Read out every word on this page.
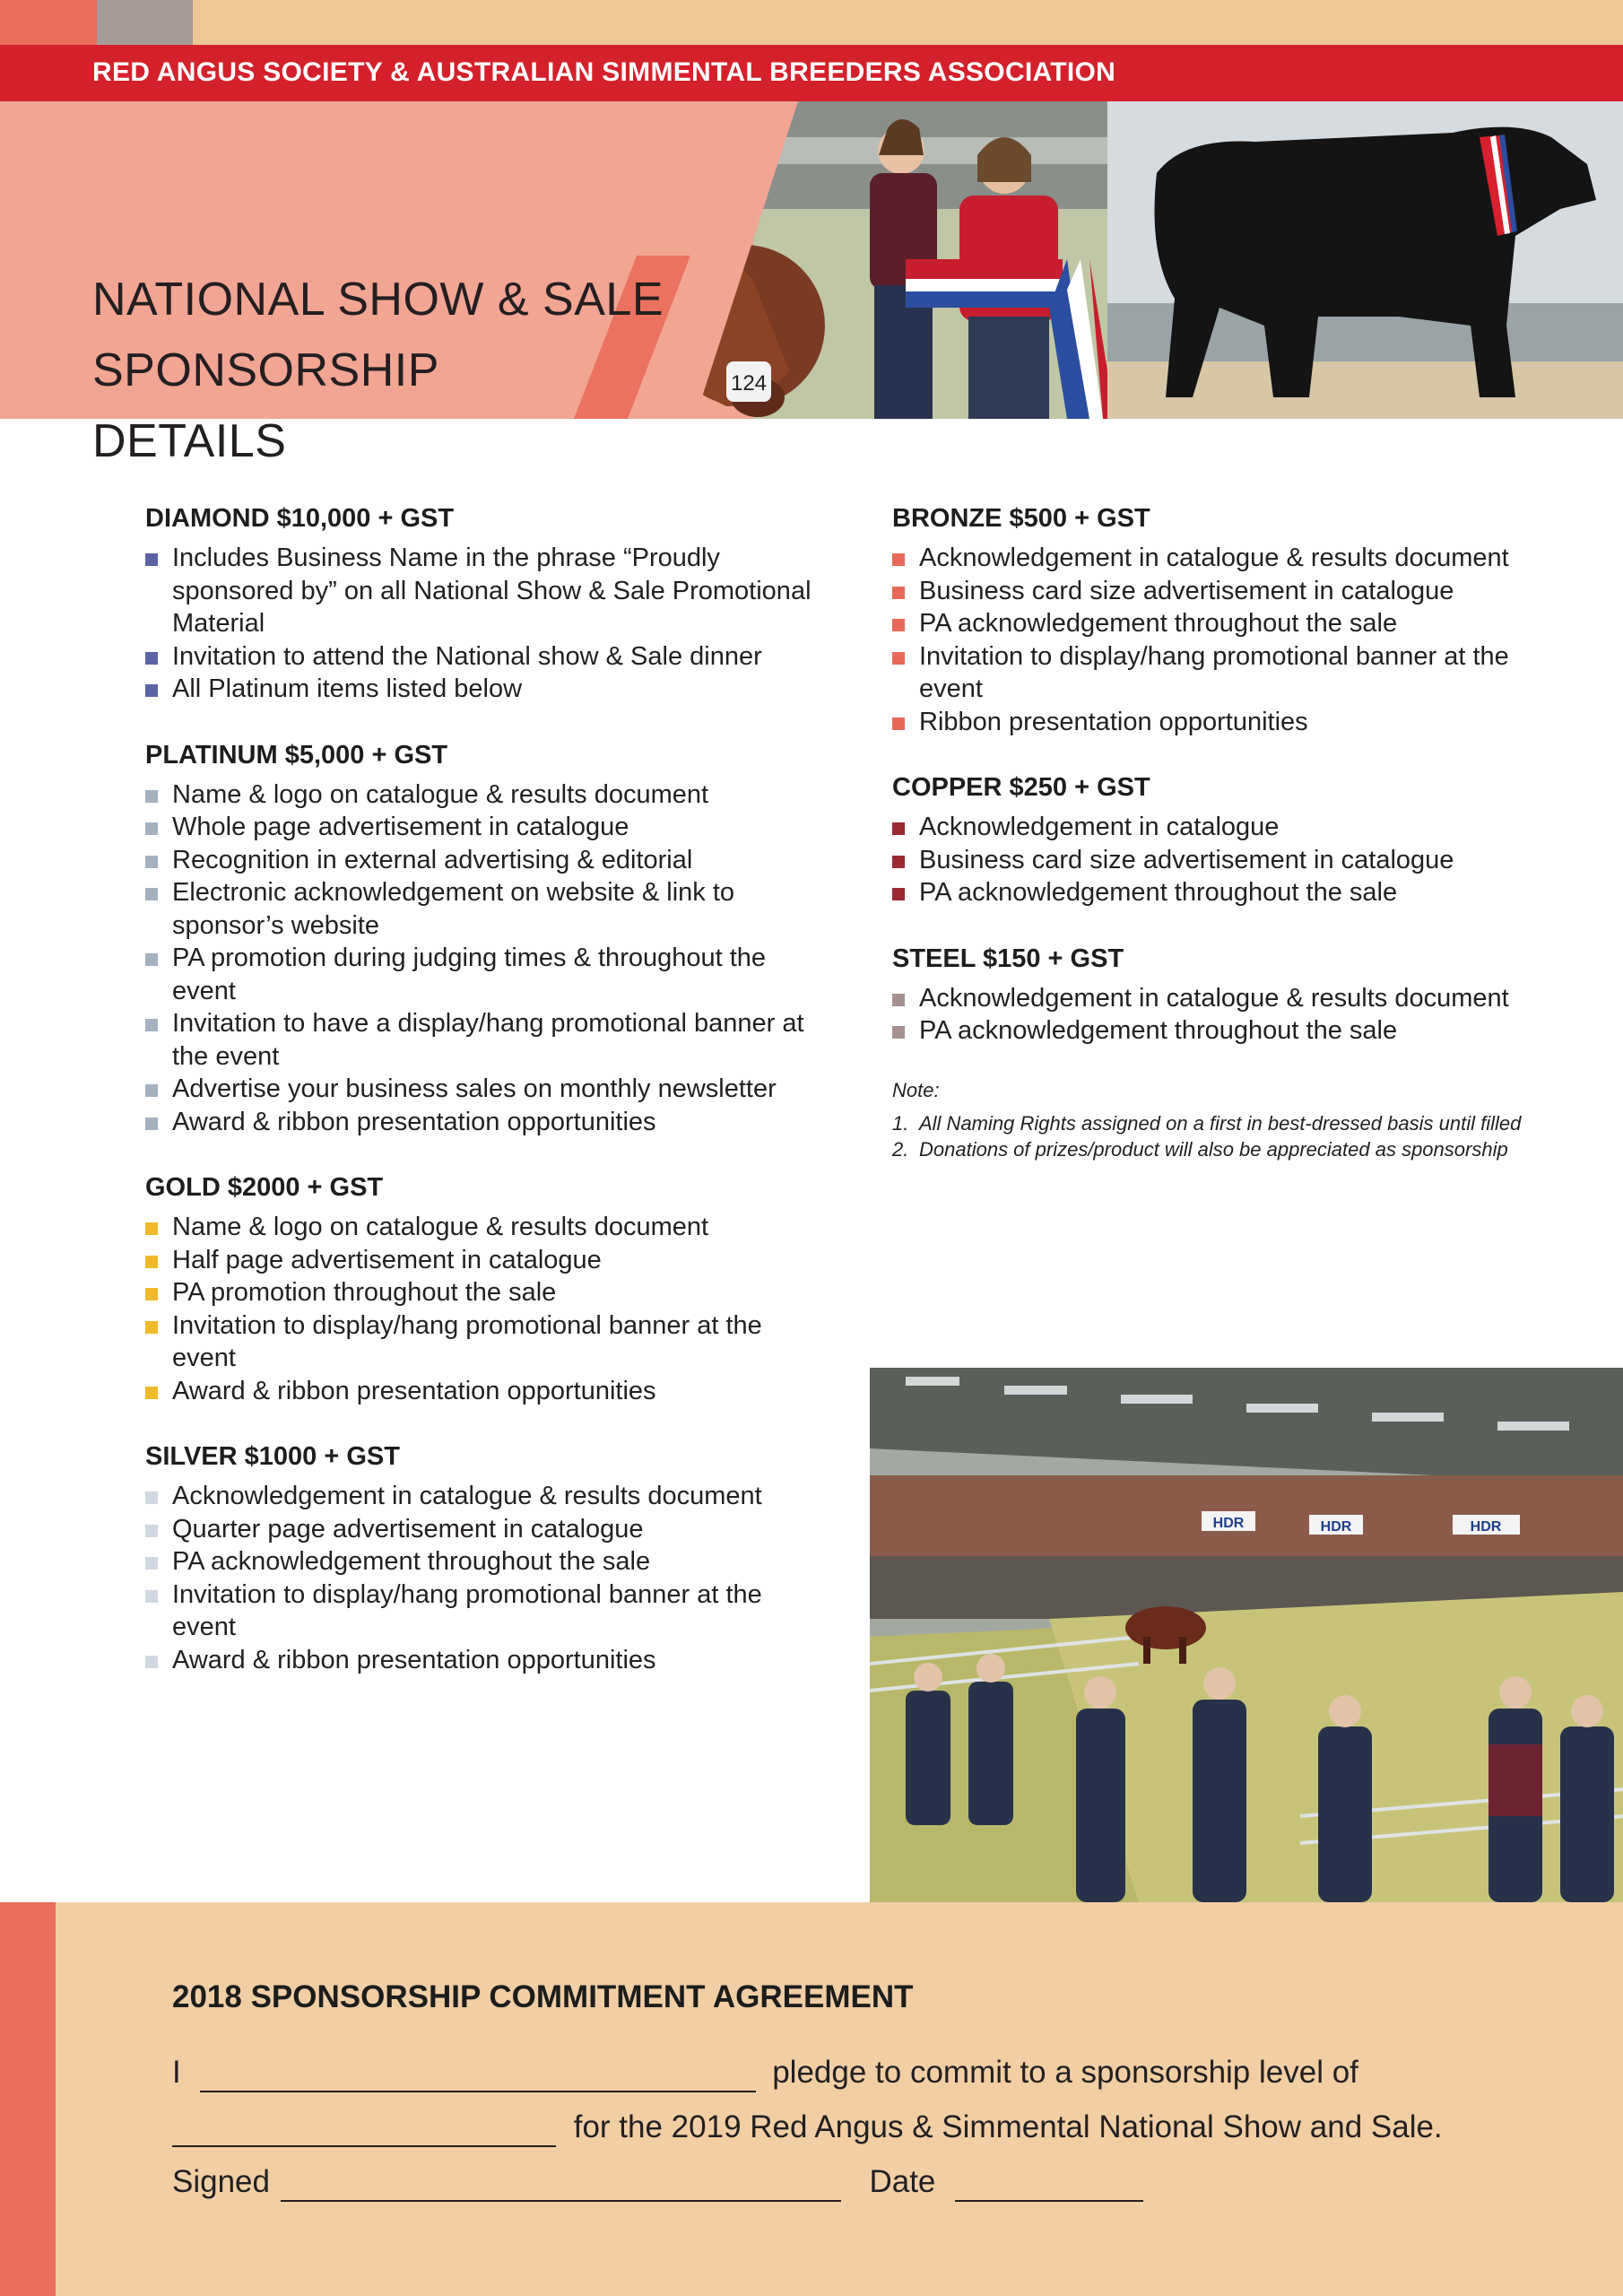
RED ANGUS SOCIETY & AUSTRALIAN SIMMENTAL BREEDERS ASSOCIATION
124
NATIONAL SHOW & SALE
SPONSORSHIP
DETAILS
DIAMOND $10,000 + GST
Includes Business Name in the phrase “Proudly sponsored by” on all National Show & Sale Promotional Material
Invitation to attend the National show & Sale dinner
All Platinum items listed below
PLATINUM $5,000 + GST
Name & logo on catalogue & results document
Whole page advertisement in catalogue
Recognition in external advertising & editorial
Electronic acknowledgement on website & link to sponsor’s website
PA promotion during judging times & throughout the event
Invitation to have a display/hang promotional banner at the event
Advertise your business sales on monthly newsletter
Award & ribbon presentation opportunities
GOLD $2000 + GST
Name & logo on catalogue & results document
Half page advertisement in catalogue
PA promotion throughout the sale
Invitation to display/hang promotional banner at the event
Award & ribbon presentation opportunities
SILVER $1000 + GST
Acknowledgement in catalogue & results document
Quarter page advertisement in catalogue
PA acknowledgement throughout the sale
Invitation to display/hang promotional banner at the event
Award & ribbon presentation opportunities
BRONZE $500 + GST
Acknowledgement in catalogue & results document
Business card size advertisement in catalogue
PA acknowledgement throughout the sale
Invitation to display/hang promotional banner at the event
Ribbon presentation opportunities
COPPER $250 + GST
Acknowledgement in catalogue
Business card size advertisement in catalogue
PA acknowledgement throughout the sale
STEEL $150 + GST
Acknowledgement in catalogue & results document
PA acknowledgement throughout the sale
Note:
1. All Naming Rights assigned on a first in best-dressed basis until filled
2. Donations of prizes/product will also be appreciated as sponsorship
HDR	HDR	HDR
2018 SPONSORSHIP COMMITMENT AGREEMENT
I	pledge to commit to a sponsorship level of
for the 2019 Red Angus & Simmental National Show and Sale.
Signed	Date
